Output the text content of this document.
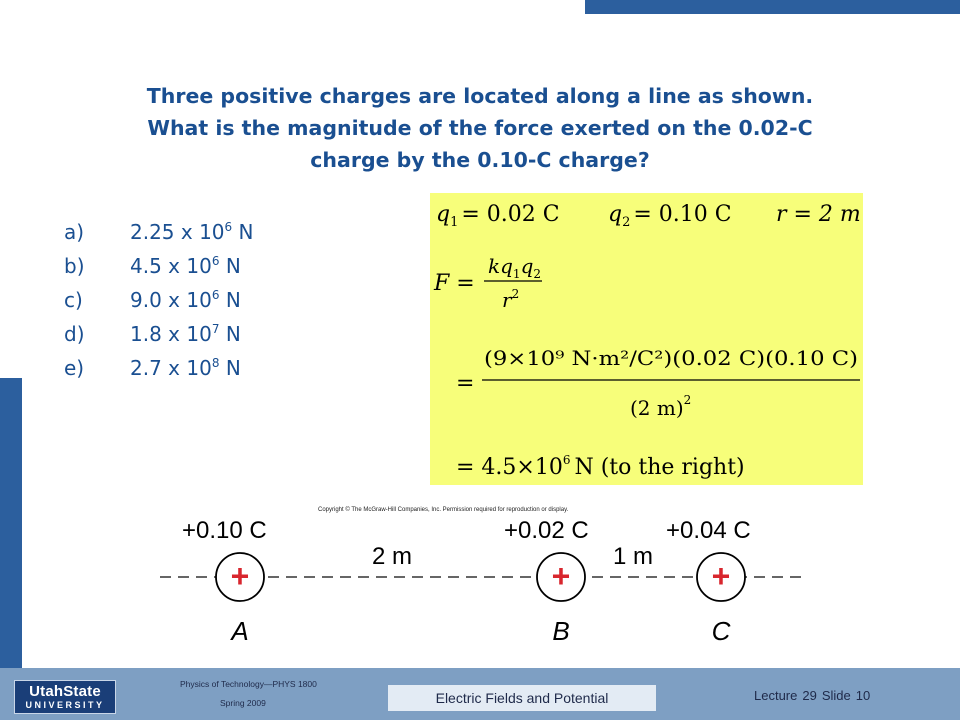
Three positive charges are located along a line as shown.
What is the magnitude of the force exerted on the 0.02-C
charge by the 0.10-C charge?
a) 2.25 x $10^6$ N
b) 4.5 x $10^6$ N
c) 9.0 x $10^6$ N
d) 1.8 x $10^7$ N
e) 2.7 x $10^8$ N
$q_1 = 0.02$ C $q_2 = 0.10$ C r = 2 m
F =
$kq_1q_2$
$r^2$
=
(9×10⁹ N·m²/C²)(0.02 C)(0.10 C)
(2 m)$^2$
= $4.5\times 10^6$ N (to the right)
Copyright © The McGraw-Hill Companies, Inc. Permission required for reproduction or display.
+0.10 C	+0.02 C	+0.04 C
2 m	1 m
+	+	+
A	B	C
UtahState
UNIVERSITY
Physics of Technology—PHYS 1800
Spring 2009	Electric Fields and Potential	Lecture 29 Slide 10
